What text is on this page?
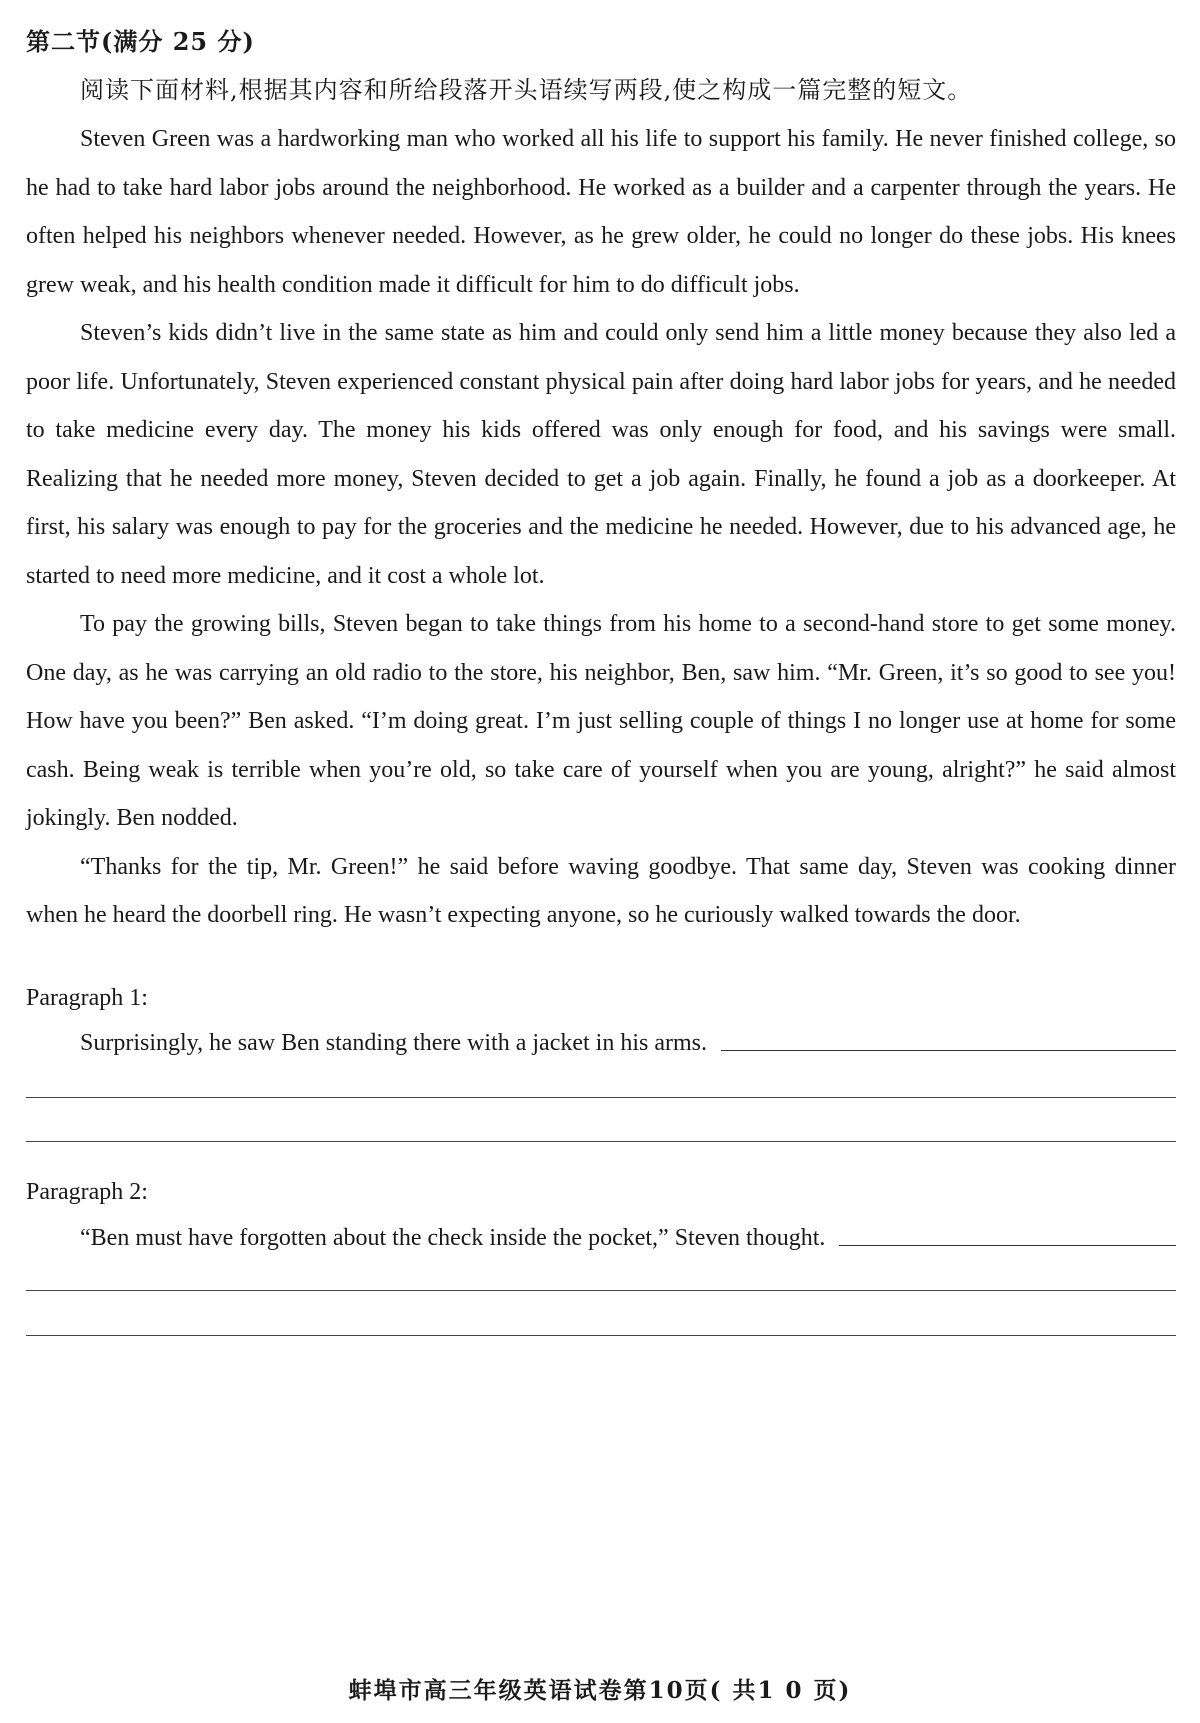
第二节(满分 25 分)
阅读下面材料,根据其内容和所给段落开头语续写两段,使之构成一篇完整的短文。

Steven Green was a hardworking man who worked all his life to support his family. He never finished college, so he had to take hard labor jobs around the neighborhood. He worked as a builder and a carpenter through the years. He often helped his neighbors whenever needed. However, as he grew older, he could no longer do these jobs. His knees grew weak, and his health condition made it difficult for him to do difficult jobs.

Steven’s kids didn’t live in the same state as him and could only send him a little money because they also led a poor life. Unfortunately, Steven experienced constant physical pain after doing hard labor jobs for years, and he needed to take medicine every day. The money his kids offered was only enough for food, and his savings were small. Realizing that he needed more money, Steven decided to get a job again. Finally, he found a job as a doorkeeper. At first, his salary was enough to pay for the groceries and the medicine he needed. However, due to his advanced age, he started to need more medicine, and it cost a whole lot.

To pay the growing bills, Steven began to take things from his home to a second-hand store to get some money. One day, as he was carrying an old radio to the store, his neighbor, Ben, saw him. “Mr. Green, it’s so good to see you! How have you been?” Ben asked. “I’m doing great. I’m just selling couple of things I no longer use at home for some cash. Being weak is terrible when you’re old, so take care of yourself when you are young, alright?” he said almost jokingly. Ben nodded.

“Thanks for the tip, Mr. Green!” he said before waving goodbye. That same day, Steven was cooking dinner when he heard the doorbell ring. He wasn’t expecting anyone, so he curiously walked towards the door.

Paragraph 1:
Surprisingly, he saw Ben standing there with a jacket in his arms.
Paragraph 2:
“Ben must have forgotten about the check inside the pocket,” Steven thought.
蚌埠市高三年级英语试卷第10页( 共1 0 页)
